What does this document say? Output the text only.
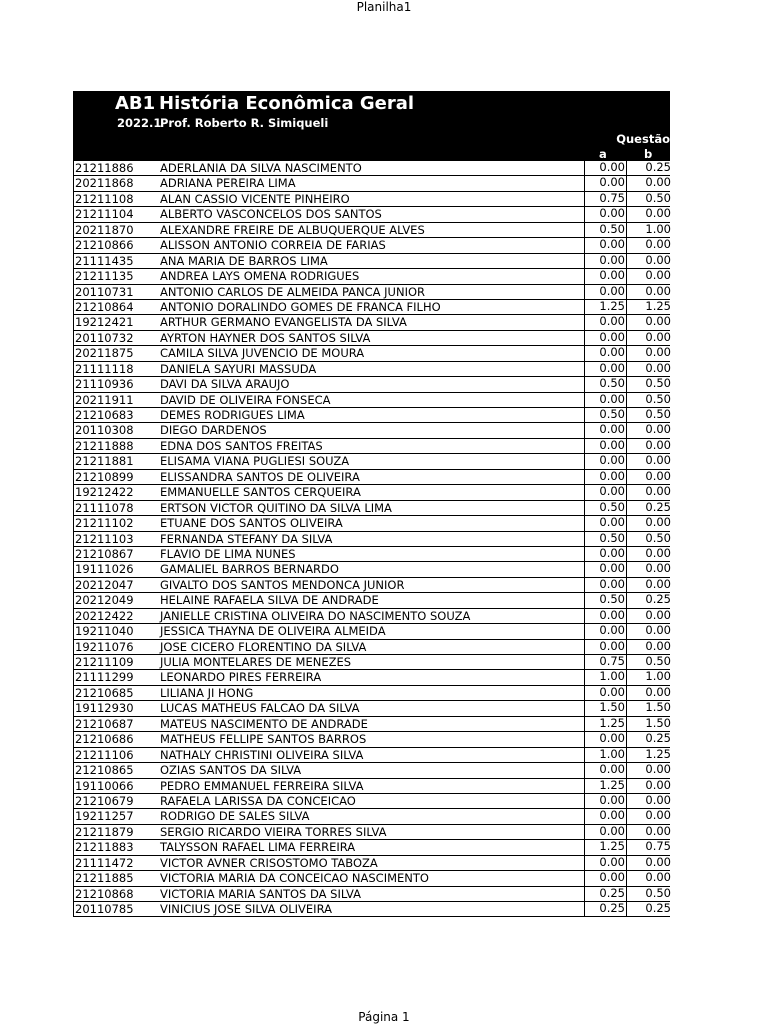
Planilha1
AB1 História Econômica Geral
2022.1
Prof. Roberto R. Simiqueli
Questão
a	b
21211886 ADERLANIA DA SILVA NASCIMENTO	0.00	0.25
20211868 ADRIANA PEREIRA LIMA	0.00	0.00
21211108 ALAN CASSIO VICENTE PINHEIRO	0.75	0.50
21211104 ALBERTO VASCONCELOS DOS SANTOS	0.00	0.00
20211870 ALEXANDRE FREIRE DE ALBUQUERQUE ALVES	0.50	1.00
21210866 ALISSON ANTONIO CORREIA DE FARIAS	0.00	0.00
21111435 ANA MARIA DE BARROS LIMA	0.00	0.00
21211135 ANDREA LAYS OMENA RODRIGUES	0.00	0.00
20110731 ANTONIO CARLOS DE ALMEIDA PANCA JUNIOR	0.00	0.00
21210864 ANTONIO DORALINDO GOMES DE FRANCA FILHO	1.25	1.25
19212421 ARTHUR GERMANO EVANGELISTA DA SILVA	0.00	0.00
20110732 AYRTON HAYNER DOS SANTOS SILVA	0.00	0.00
20211875 CAMILA SILVA JUVENCIO DE MOURA	0.00	0.00
21111118 DANIELA SAYURI MASSUDA	0.00	0.00
21110936 DAVI DA SILVA ARAUJO	0.50	0.50
20211911 DAVID DE OLIVEIRA FONSECA	0.00	0.50
21210683 DEMES RODRIGUES LIMA	0.50	0.50
20110308 DIEGO DARDENOS	0.00	0.00
21211888 EDNA DOS SANTOS FREITAS	0.00	0.00
21211881 ELISAMA VIANA PUGLIESI SOUZA	0.00	0.00
21210899 ELISSANDRA SANTOS DE OLIVEIRA	0.00	0.00
19212422 EMMANUELLE SANTOS CERQUEIRA	0.00	0.00
21111078 ERTSON VICTOR QUITINO DA SILVA LIMA	0.50	0.25
21211102 ETUANE DOS SANTOS OLIVEIRA	0.00	0.00
21211103 FERNANDA STEFANY DA SILVA	0.50	0.50
21210867 FLAVIO DE LIMA NUNES	0.00	0.00
19111026 GAMALIEL BARROS BERNARDO	0.00	0.00
20212047 GIVALTO DOS SANTOS MENDONCA JUNIOR	0.00	0.00
20212049 HELAINE RAFAELA SILVA DE ANDRADE	0.50	0.25
20212422 JANIELLE CRISTINA OLIVEIRA DO NASCIMENTO SOUZA	0.00	0.00
19211040 JESSICA THAYNA DE OLIVEIRA ALMEIDA	0.00	0.00
19211076 JOSE CICERO FLORENTINO DA SILVA	0.00	0.00
21211109 JULIA MONTELARES DE MENEZES	0.75	0.50
21111299 LEONARDO PIRES FERREIRA	1.00	1.00
21210685 LILIANA JI HONG	0.00	0.00
19112930 LUCAS MATHEUS FALCAO DA SILVA	1.50	1.50
21210687 MATEUS NASCIMENTO DE ANDRADE	1.25	1.50
21210686 MATHEUS FELLIPE SANTOS BARROS	0.00	0.25
21211106 NATHALY CHRISTINI OLIVEIRA SILVA	1.00	1.25
21210865 OZIAS SANTOS DA SILVA	0.00	0.00
19110066 PEDRO EMMANUEL FERREIRA SILVA	1.25	0.00
21210679 RAFAELA LARISSA DA CONCEICAO	0.00	0.00
19211257 RODRIGO DE SALES SILVA	0.00	0.00
21211879 SERGIO RICARDO VIEIRA TORRES SILVA	0.00	0.00
21211883 TALYSSON RAFAEL LIMA FERREIRA	1.25	0.75
21111472 VICTOR AVNER CRISOSTOMO TABOZA	0.00	0.00
21211885 VICTORIA MARIA DA CONCEICAO NASCIMENTO	0.00	0.00
21210868 VICTORIA MARIA SANTOS DA SILVA	0.25	0.50
20110785 VINICIUS JOSE SILVA OLIVEIRA	0.25	0.25
Página 1
